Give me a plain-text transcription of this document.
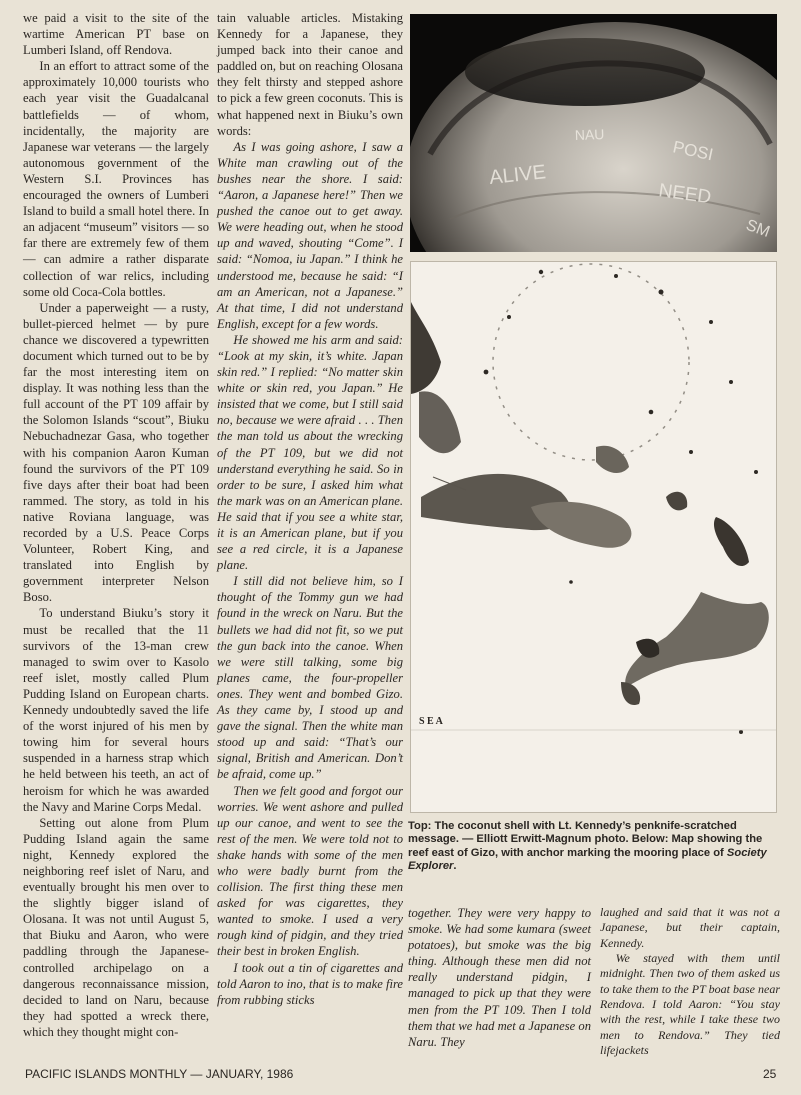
we paid a visit to the site of the wartime American PT base on Lumberi Island, off Rendova.

In an effort to attract some of the approximately 10,000 tourists who each year visit the Guadalcanal battlefields — of whom, incidentally, the majority are Japanese war veterans — the largely autonomous government of the Western S.I. Provinces has encouraged the owners of Lumberi Island to build a small hotel there. In an adjacent “museum” visitors — so far there are extremely few of them — can admire a rather disparate collection of war relics, including some old Coca-Cola bottles.

Under a paperweight — a rusty, bullet-pierced helmet — by pure chance we discovered a typewritten document which turned out to be by far the most interesting item on display. It was nothing less than the full account of the PT 109 affair by the Solomon Islands “scout”, Biuku Nebuchadnezar Gasa, who together with his companion Aaron Kuman found the survivors of the PT 109 five days after their boat had been rammed. The story, as told in his native Roviana language, was recorded by a U.S. Peace Corps Volunteer, Robert King, and translated into English by government interpreter Nelson Boso.

To understand Biuku’s story it must be recalled that the 11 survivors of the 13-man crew managed to swim over to Kasolo reef islet, mostly called Plum Pudding Island on European charts. Kennedy undoubtedly saved the life of the worst injured of his men by towing him for several hours suspended in a harness strap which he held between his teeth, an act of heroism for which he was awarded the Navy and Marine Corps Medal.

Setting out alone from Plum Pudding Island again the same night, Kennedy explored the neighboring reef islet of Naru, and eventually brought his men over to the slightly bigger island of Olosana. It was not until August 5, that Biuku and Aaron, who were paddling through the Japanese-controlled archipelago on a dangerous reconnaissance mission, decided to land on Naru, because they had spotted a wreck there, which they thought might con-

tain valuable articles. Mistaking Kennedy for a Japanese, they jumped back into their canoe and paddled on, but on reaching Olosana they felt thirsty and stepped ashore to pick a few green coconuts. This is what happened next in Biuku’s own words:

As I was going ashore, I saw a White man crawling out of the bushes near the shore. I said: “Aaron, a Japanese here!” Then we pushed the canoe out to get away. We were heading out, when he stood up and waved, shouting “Come”. I said: “Nomoa, iu Japan.” I think he understood me, because he said: “I am an American, not a Japanese.” At that time, I did not understand English, except for a few words.

He showed me his arm and said: “Look at my skin, it’s white. Japan skin red.” I replied: “No matter skin white or skin red, you Japan.” He insisted that we come, but I still said no, because we were afraid . . . Then the man told us about the wrecking of the PT 109, but we did not understand everything he said. So in order to be sure, I asked him what the mark was on an American plane. He said that if you see a white star, it is an American plane, but if you see a red circle, it is a Japanese plane.

I still did not believe him, so I thought of the Tommy gun we had found in the wreck on Naru. But the bullets we had did not fit, so we put the gun back into the canoe. When we were still talking, some big planes came, the four-propeller ones. They went and bombed Gizo. As they came by, I stood up and gave the signal. Then the white man stood up and said: “That’s our signal, British and American. Don’t be afraid, come up.”

Then we felt good and forgot our worries. We went ashore and pulled up our canoe, and went to see the rest of the men. We were told not to shake hands with some of the men who were badly burnt from the collision. The first thing these men asked for was cigarettes, they wanted to smoke. I used a very rough kind of pidgin, and they tried their best in broken English.

I took out a tin of cigarettes and told Aaron to ino, that is to make fire from rubbing sticks

ALIVE
NEED
POSI
SM
NAU
S E A
Top: The coconut shell with Lt. Kennedy’s penknife-scratched message. — Elliott Erwitt-Magnum photo. Below: Map showing the reef east of Gizo, with anchor marking the mooring place of Society Explorer.

together. They were very happy to smoke. We had some kumara (sweet potatoes), but smoke was the big thing. Although these men did not really understand pidgin, I managed to pick up that they were men from the PT 109. Then I told them that we had met a Japanese on Naru. They

laughed and said that it was not a Japanese, but their captain, Kennedy.

We stayed with them until midnight. Then two of them asked us to take them to the PT boat base near Rendova. I told Aaron: “You stay with the rest, while I take these two men to Rendova.” They tied lifejackets

PACIFIC ISLANDS MONTHLY — JANUARY, 1986	25
